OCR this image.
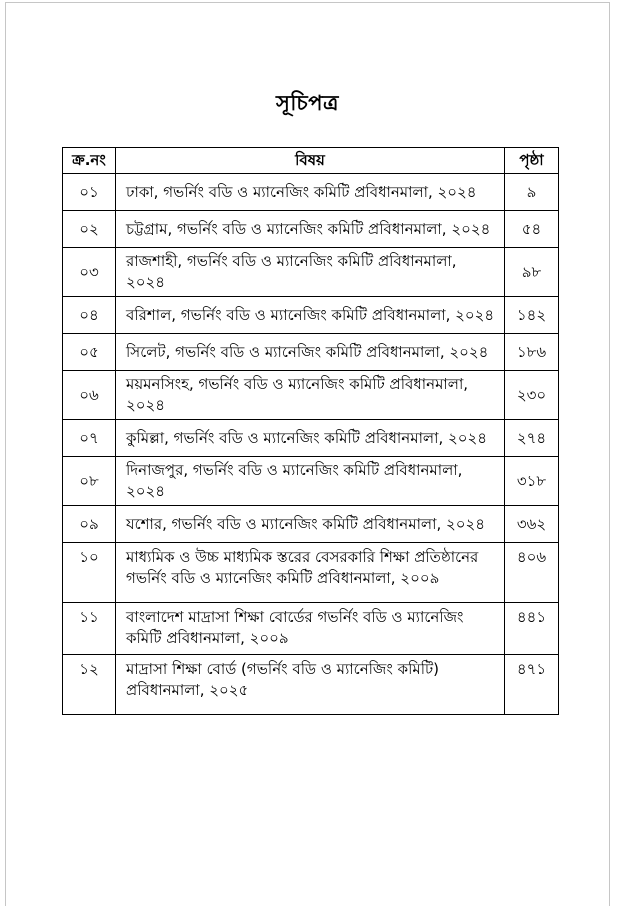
সূচিপত্র
ক্র.নং	বিষয়	পৃষ্ঠা
০১	ঢাকা, গভর্নিং বডি ও ম্যানেজিং কমিটি প্রবিধানমালা, ২০২৪	৯
০২	চট্টগ্রাম, গভর্নিং বডি ও ম্যানেজিং কমিটি প্রবিধানমালা, ২০২৪	৫৪
০৩	রাজশাহী, গভর্নিং বডি ও ম্যানেজিং কমিটি প্রবিধানমালা, ২০২৪	৯৮
০৪	বরিশাল, গভর্নিং বডি ও ম্যানেজিং কমিটি প্রবিধানমালা, ২০২৪	১৪২
০৫	সিলেট, গভর্নিং বডি ও ম্যানেজিং কমিটি প্রবিধানমালা, ২০২৪	১৮৬
০৬	ময়মনসিংহ, গভর্নিং বডি ও ম্যানেজিং কমিটি প্রবিধানমালা, ২০২৪	২৩০
০৭	কুমিল্লা, গভর্নিং বডি ও ম্যানেজিং কমিটি প্রবিধানমালা, ২০২৪	২৭৪
০৮	দিনাজপুর, গভর্নিং বডি ও ম্যানেজিং কমিটি প্রবিধানমালা, ২০২৪	৩১৮
০৯	যশোর, গভর্নিং বডি ও ম্যানেজিং কমিটি প্রবিধানমালা, ২০২৪	৩৬২
১০	মাধ্যমিক ও উচ্চ মাধ্যমিক স্তরের বেসরকারি শিক্ষা প্রতিষ্ঠানের গভর্নিং বডি ও ম্যানেজিং কমিটি প্রবিধানমালা, ২০০৯	৪০৬
১১	বাংলাদেশ মাদ্রাসা শিক্ষা বোর্ডের গভর্নিং বডি ও ম্যানেজিং কমিটি প্রবিধানমালা, ২০০৯	৪৪১
১২	মাদ্রাসা শিক্ষা বোর্ড (গভর্নিং বডি ও ম্যানেজিং কমিটি) প্রবিধানমালা, ২০২৫	৪৭১
